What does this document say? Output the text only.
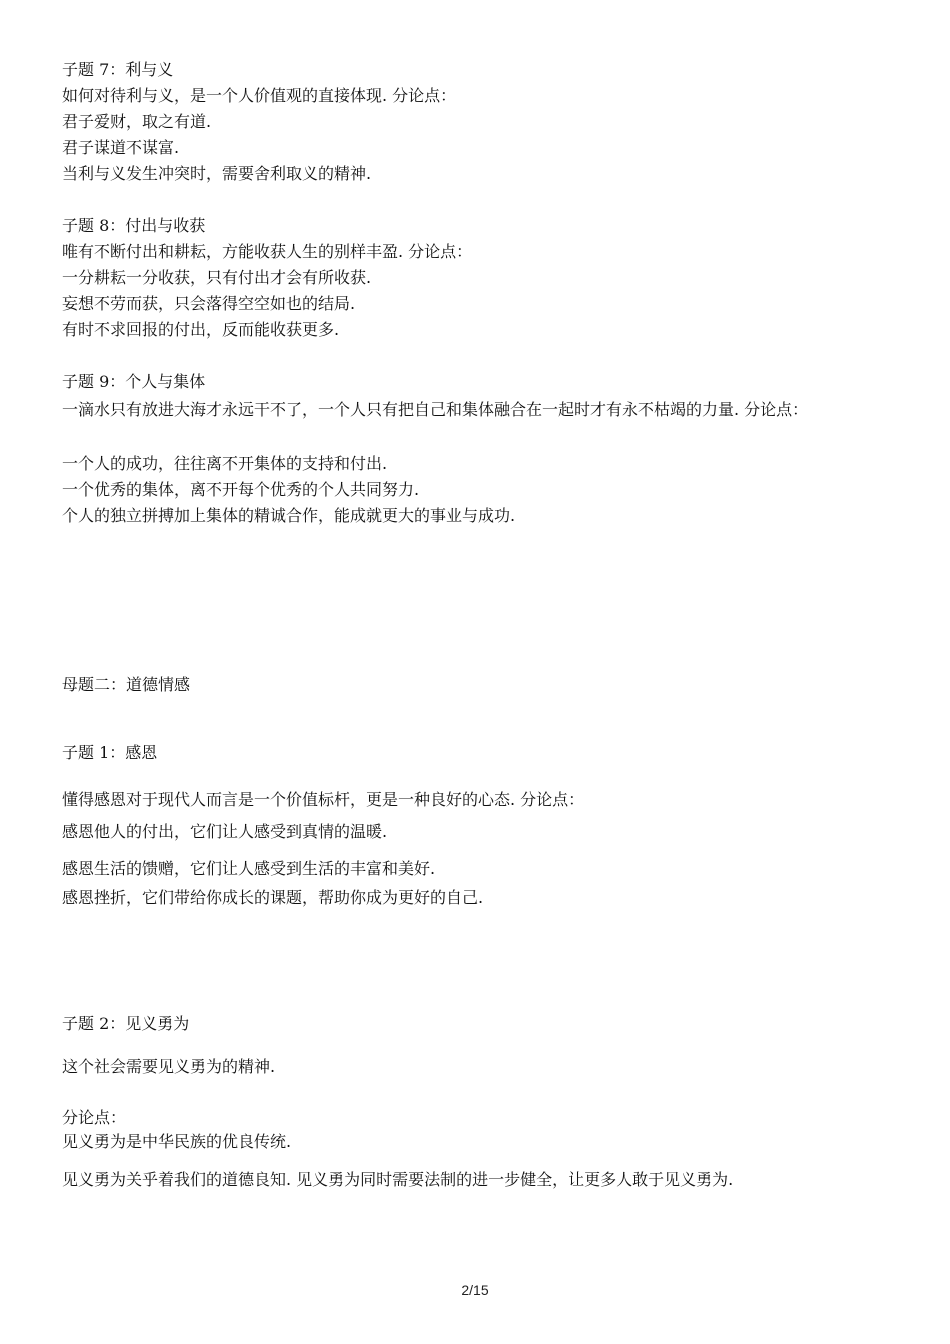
子题 7：利与义
如何对待利与义，是一个人价值观的直接体现. 分论点：
君子爱财，取之有道.
君子谋道不谋富.
当利与义发生冲突时，需要舍利取义的精神.
子题 8：付出与收获
唯有不断付出和耕耘，方能收获人生的别样丰盈. 分论点：
一分耕耘一分收获，只有付出才会有所收获.
妄想不劳而获，只会落得空空如也的结局.
有时不求回报的付出，反而能收获更多.
子题 9：个人与集体
一滴水只有放进大海才永远干不了，一个人只有把自己和集体融合在一起时才有永不枯竭的力量. 分论点：
一个人的成功，往往离不开集体的支持和付出.
一个优秀的集体，离不开每个优秀的个人共同努力.
个人的独立拼搏加上集体的精诚合作，能成就更大的事业与成功.
母题二：道德情感
子题 1：感恩
懂得感恩对于现代人而言是一个价值标杆，更是一种良好的心态. 分论点：
感恩他人的付出，它们让人感受到真情的温暖.
感恩生活的馈赠，它们让人感受到生活的丰富和美好.
感恩挫折，它们带给你成长的课题，帮助你成为更好的自己.
子题 2：见义勇为
这个社会需要见义勇为的精神.
分论点：
见义勇为是中华民族的优良传统.
见义勇为关乎着我们的道德良知. 见义勇为同时需要法制的进一步健全，让更多人敢于见义勇为.
2/15
